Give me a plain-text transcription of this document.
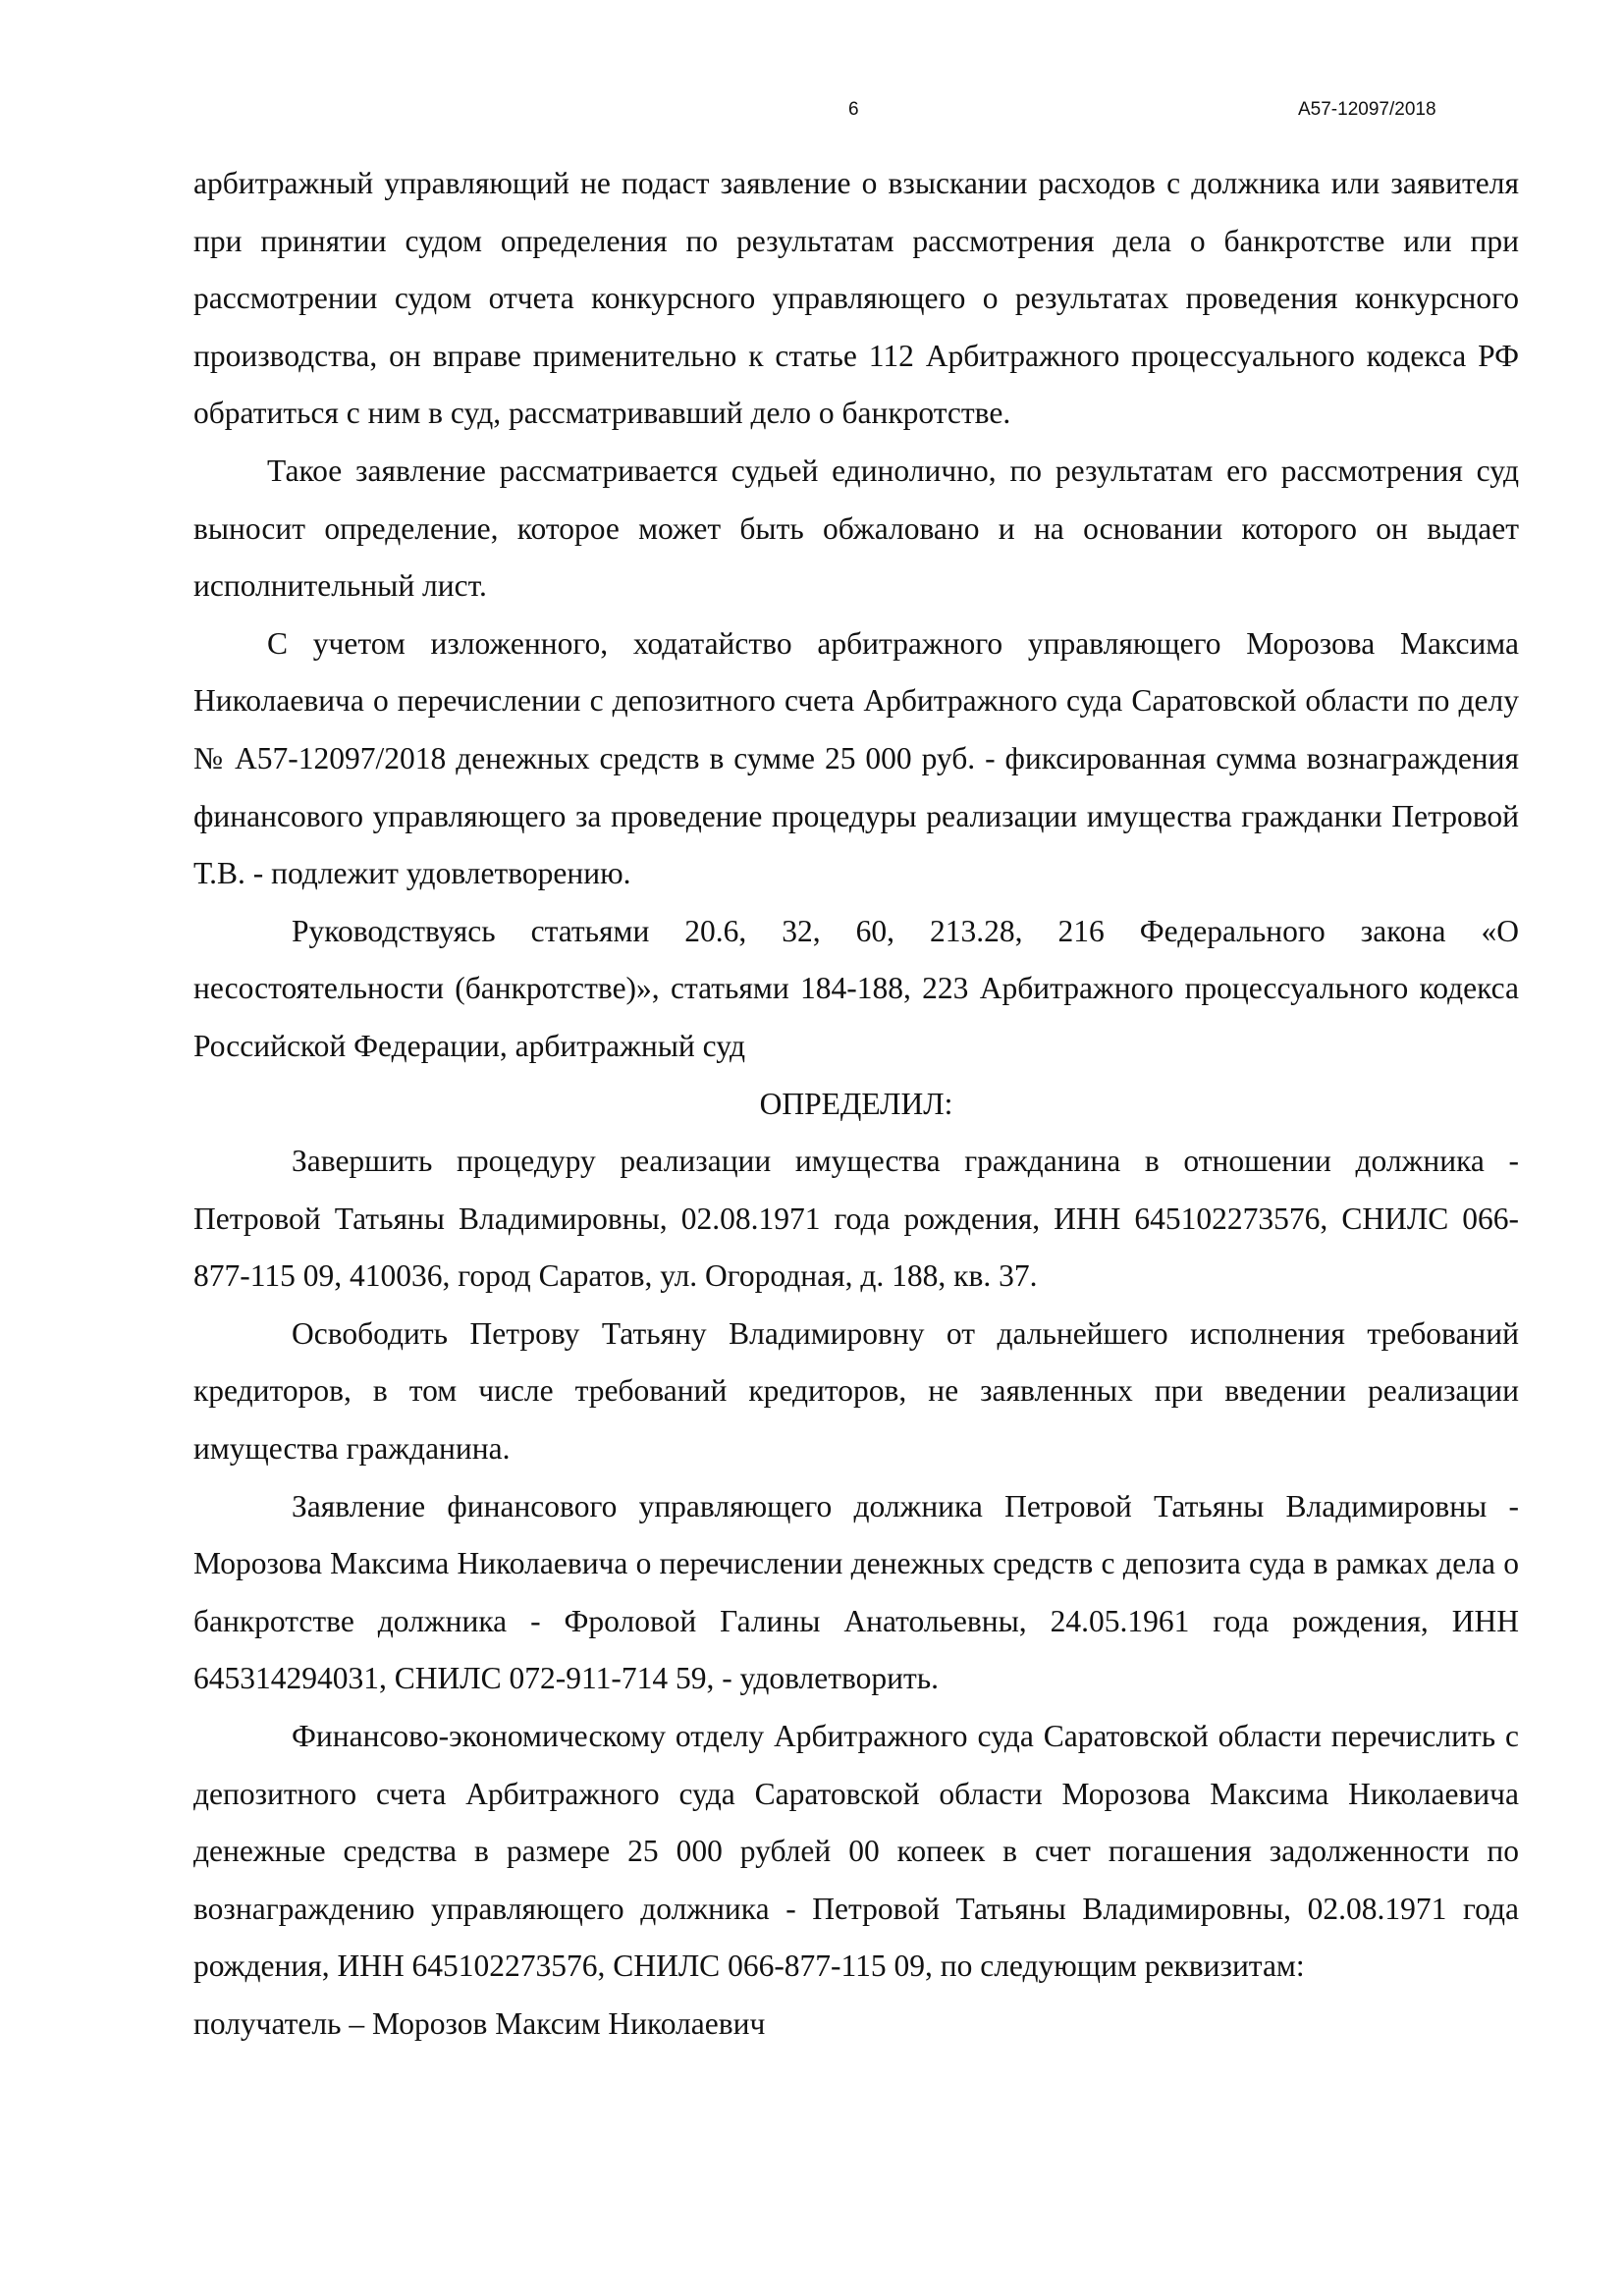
6	А57-12097/2018

арбитражный управляющий не подаст заявление о взыскании расходов с должника или заявителя при принятии судом определения по результатам рассмотрения дела о банкротстве или при рассмотрении судом отчета конкурсного управляющего о результатах проведения конкурсного производства, он вправе применительно к статье 112 Арбитражного процессуального кодекса РФ обратиться с ним в суд, рассматривавший дело о банкротстве.

Такое заявление рассматривается судьей единолично, по результатам его рассмотрения суд выносит определение, которое может быть обжаловано и на основании которого он выдает исполнительный лист.

С учетом изложенного, ходатайство арбитражного управляющего Морозова Максима Николаевича о перечислении с депозитного счета Арбитражного суда Саратовской области по делу № А57-12097/2018 денежных средств в сумме 25 000 руб. - фиксированная сумма вознаграждения финансового управляющего за проведение процедуры реализации имущества гражданки Петровой Т.В. - подлежит удовлетворению.

Руководствуясь статьями 20.6, 32, 60, 213.28, 216 Федерального закона «О несостоятельности (банкротстве)», статьями 184-188, 223 Арбитражного процессуального кодекса Российской Федерации, арбитражный суд

ОПРЕДЕЛИЛ:

Завершить процедуру реализации имущества гражданина в отношении должника - Петровой Татьяны Владимировны, 02.08.1971 года рождения, ИНН 645102273576, СНИЛС 066-877-115 09, 410036, город Саратов, ул. Огородная, д. 188, кв. 37.

Освободить Петрову Татьяну Владимировну от дальнейшего исполнения требований кредиторов, в том числе требований кредиторов, не заявленных при введении реализации имущества гражданина.

Заявление финансового управляющего должника Петровой Татьяны Владимировны - Морозова Максима Николаевича о перечислении денежных средств с депозита суда в рамках дела о банкротстве должника - Фроловой Галины Анатольевны, 24.05.1961 года рождения, ИНН 645314294031, СНИЛС 072-911-714 59, - удовлетворить.

Финансово-экономическому отделу Арбитражного суда Саратовской области перечислить с депозитного счета Арбитражного суда Саратовской области Морозова Максима Николаевича денежные средства в размере 25 000 рублей 00 копеек в счет погашения задолженности по вознаграждению управляющего должника - Петровой Татьяны Владимировны, 02.08.1971 года рождения, ИНН 645102273576, СНИЛС 066-877-115 09, по следующим реквизитам:

получатель – Морозов Максим Николаевич
